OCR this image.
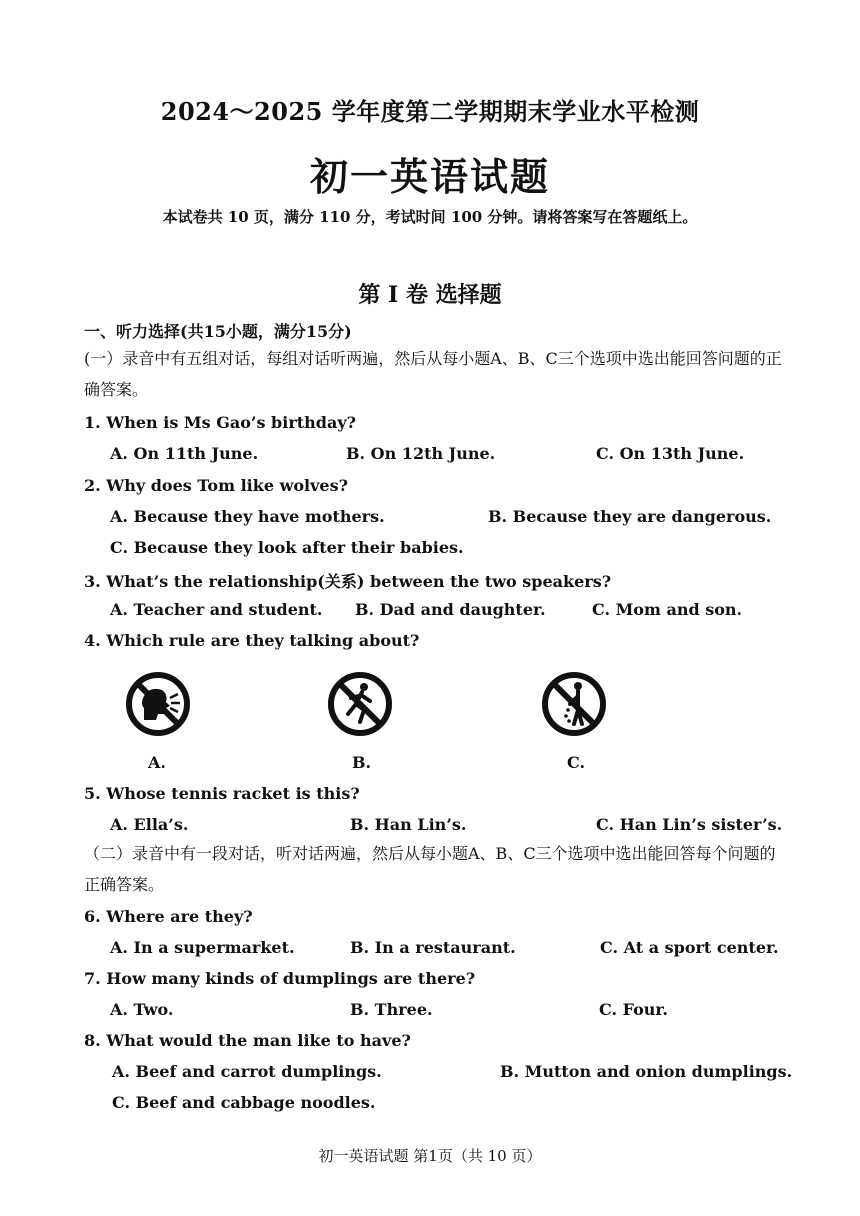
2024～2025 学年度第二学期期末学业水平检测
初一英语试题
本试卷共 10 页，满分 110 分，考试时间 100 分钟。请将答案写在答题纸上。
第 Ⅰ 卷 选择题
一、听力选择(共15小题，满分15分)
(一）录音中有五组对话，每组对话听两遍，然后从每小题A、B、C三个选项中选出能回答问题的正确答案。
1. When is Ms Gao’s birthday?
A. On 11th June.	B. On 12th June.	C. On 13th June.
2. Why does Tom like wolves?
A. Because they have mothers.	B. Because they are dangerous.
C. Because they look after their babies.
3. What’s the relationship(关系) between the two speakers?
A. Teacher and student. B. Dad and daughter.	C. Mom and son.
4. Which rule are they talking about?
A.	B.	C.
5. Whose tennis racket is this?
A. Ella’s.	B. Han Lin’s.	C. Han Lin’s sister’s.
（二）录音中有一段对话，听对话两遍，然后从每小题A、B、C三个选项中选出能回答每个问题的正确答案。
6. Where are they?
A. In a supermarket.	B. In a restaurant.	C. At a sport center.
7. How many kinds of dumplings are there?
A. Two.	B. Three.	C. Four.
8. What would the man like to have?
A. Beef and carrot dumplings.	B. Mutton and onion dumplings.
C. Beef and cabbage noodles.
初一英语试题 第1页（共 10 页）
